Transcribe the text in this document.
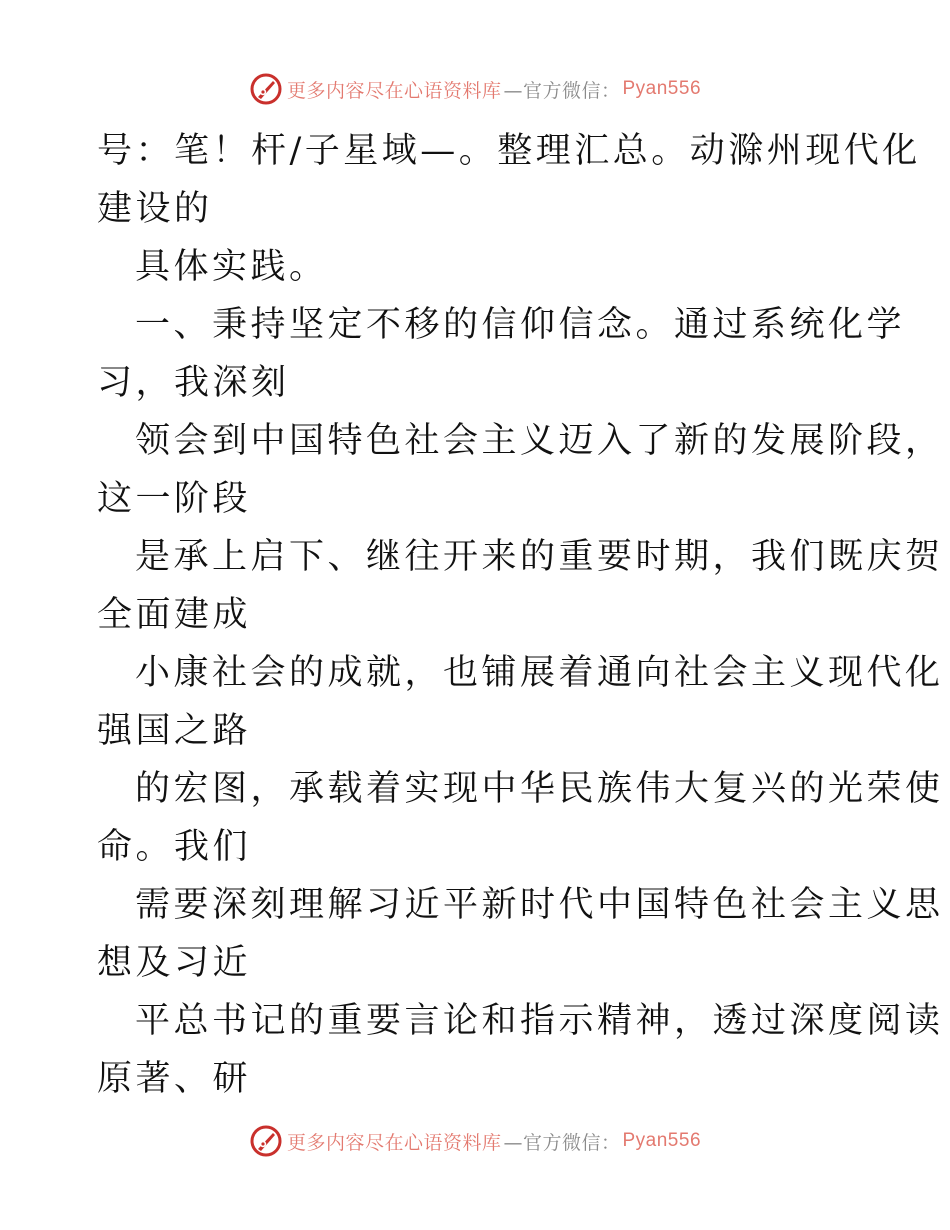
更多内容尽在心语资料库 —官方微信： Pyan556
号：笔！杆/子星域—。整理汇总。动滁州现代化
建设的
具体实践。
一、秉持坚定不移的信仰信念。通过系统化学
习，我深刻
领会到中国特色社会主义迈入了新的发展阶段，
这一阶段
是承上启下、继往开来的重要时期，我们既庆贺
全面建成
小康社会的成就，也铺展着通向社会主义现代化
强国之路
的宏图，承载着实现中华民族伟大复兴的光荣使
命。我们
需要深刻理解习近平新时代中国特色社会主义思
想及习近
平总书记的重要言论和指示精神，透过深度阅读
原著、研
更多内容尽在心语资料库 —官方微信： Pyan556
